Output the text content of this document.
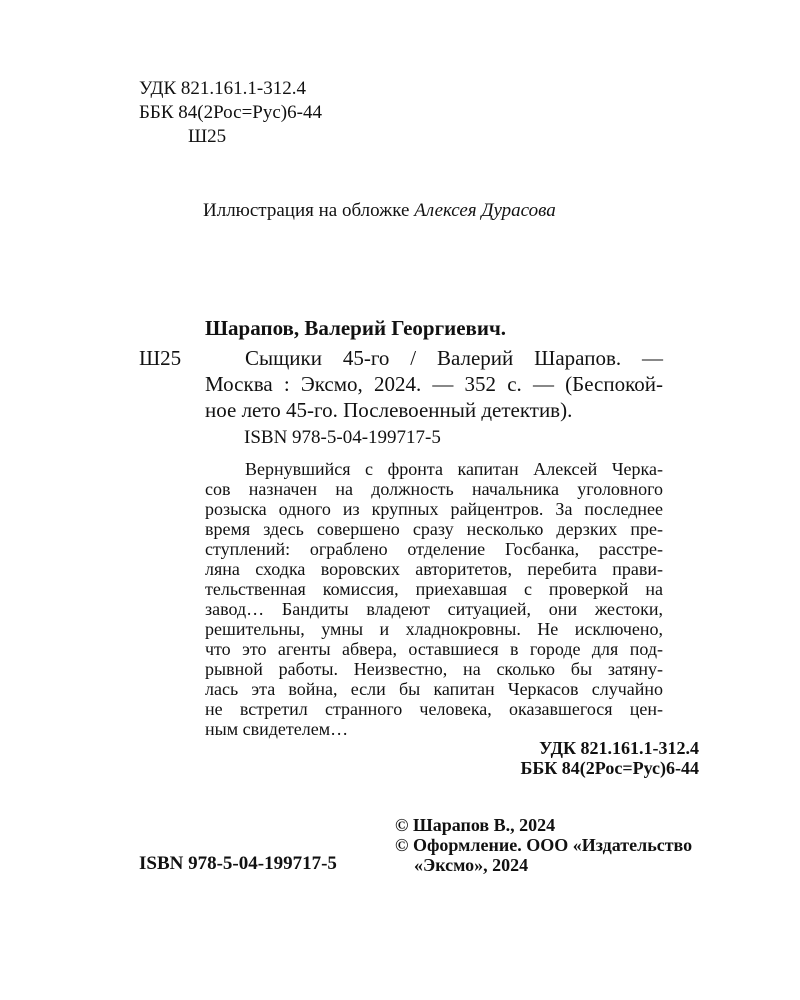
УДК 821.161.1-312.4
ББК 84(2Рос=Рус)6-44
Ш25
Иллюстрация на обложке Алексея Дурасова
Шарапов, Валерий Георгиевич.
Ш25	Сыщики 45-го / Валерий Шарапов. —
Москва : Эксмо, 2024. — 352 с. — (Беспокой-
ное лето 45-го. Послевоенный детектив).
ISBN 978-5-04-199717-5
Вернувшийся с фронта капитан Алексей Черка-
сов назначен на должность начальника уголовного
розыска одного из крупных райцентров. За последнее
время здесь совершено сразу несколько дерзких пре-
ступлений: ограблено отделение Госбанка, расстре-
ляна сходка воровских авторитетов, перебита прави-
тельственная комиссия, приехавшая с проверкой на
завод… Бандиты владеют ситуацией, они жестоки,
решительны, умны и хладнокровны. Не исключено,
что это агенты абвера, оставшиеся в городе для под-
рывной работы. Неизвестно, на сколько бы затяну-
лась эта война, если бы капитан Черкасов случайно
не встретил странного человека, оказавшегося цен-
ным свидетелем…
УДК 821.161.1-312.4
ББК 84(2Рос=Рус)6-44
© Шарапов В., 2024
© Оформление. ООО «Издательство
«Эксмо», 2024
ISBN 978-5-04-199717-5
